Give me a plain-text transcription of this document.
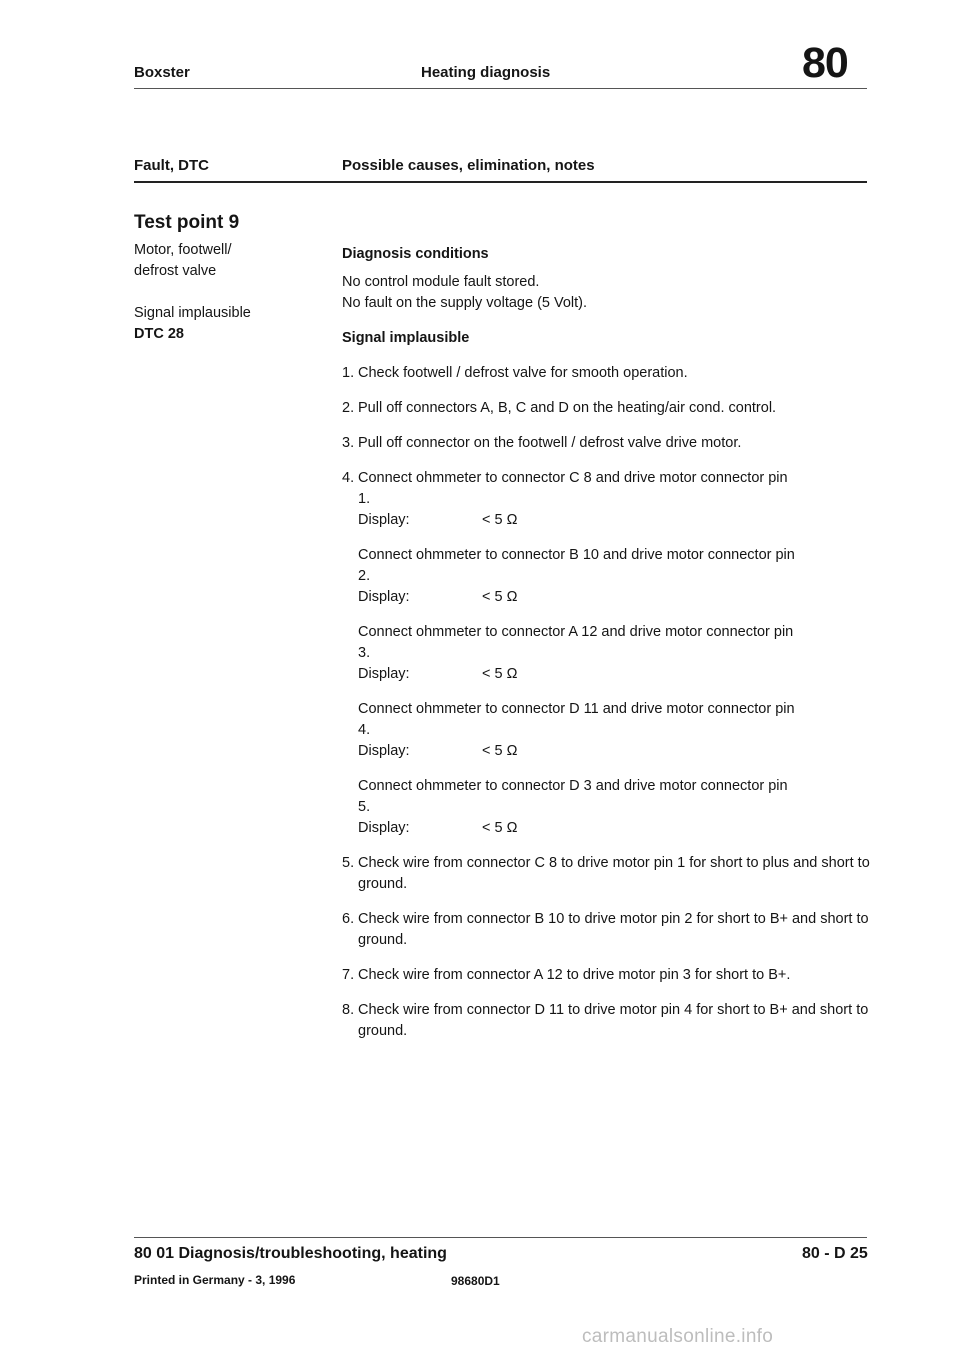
Boxster	Heating diagnosis	80
Fault, DTC	Possible causes, elimination, notes
Test point 9
Motor, footwell/
defrost valve
Signal implausible
DTC 28
Diagnosis conditions
No control module fault stored.
No fault on the supply voltage (5 Volt).
Signal implausible
1. Check footwell / defrost valve for smooth operation.
2. Pull off connectors A, B, C and D on the heating/air cond. control.
3. Pull off connector on the footwell / defrost valve drive motor.
4. Connect ohmmeter to connector C 8 and drive motor connector pin 1.
Display:	< 5 Ω
Connect ohmmeter to connector B 10 and drive motor connector pin 2.
Display:	< 5 Ω
Connect ohmmeter to connector A 12 and drive motor connector pin 3.
Display:	< 5 Ω
Connect ohmmeter to connector D 11 and drive motor connector pin 4.
Display:	< 5 Ω
Connect ohmmeter to connector D 3 and drive motor connector pin 5.
Display:	< 5 Ω
5. Check wire from connector C 8 to drive motor pin 1 for short to plus and short to ground.
6. Check wire from connector B 10 to drive motor pin 2 for short to B+ and short to ground.
7. Check wire from connector A 12 to drive motor pin 3 for short to B+.
8. Check wire from connector D 11 to drive motor pin 4 for short to B+ and short to ground.
80 01 Diagnosis/troubleshooting, heating	80 - D 25
Printed in Germany - 3, 1996	98680D1
carmanualsonline.info
